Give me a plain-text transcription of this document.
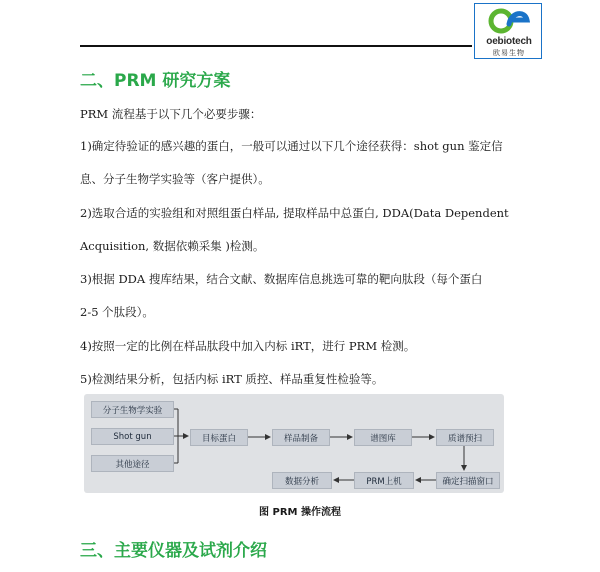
oebiotech
欧易生物
二、PRM 研究方案
PRM 流程基于以下几个必要步骤：
1)确定待验证的感兴趣的蛋白，一般可以通过以下几个途径获得：shot gun 鉴定信
息、分子生物学实验等（客户提供）。
2)选取合适的实验组和对照组蛋白样品, 提取样品中总蛋白, DDA(Data Dependent
Acquisition, 数据依赖采集 )检测。
3)根据 DDA 搜库结果，结合文献、数据库信息挑选可靠的靶向肽段（每个蛋白
2-5 个肽段）。
4)按照一定的比例在样品肽段中加入内标 iRT，进行 PRM 检测。
5)检测结果分析，包括内标 iRT 质控、样品重复性检验等。
分子生物学实验
Shot gun
其他途径
目标蛋白	样品制备	谱图库	质谱预扫
确定扫描窗口
PRM上机
数据分析
图 PRM 操作流程
三、主要仪器及试剂介绍
